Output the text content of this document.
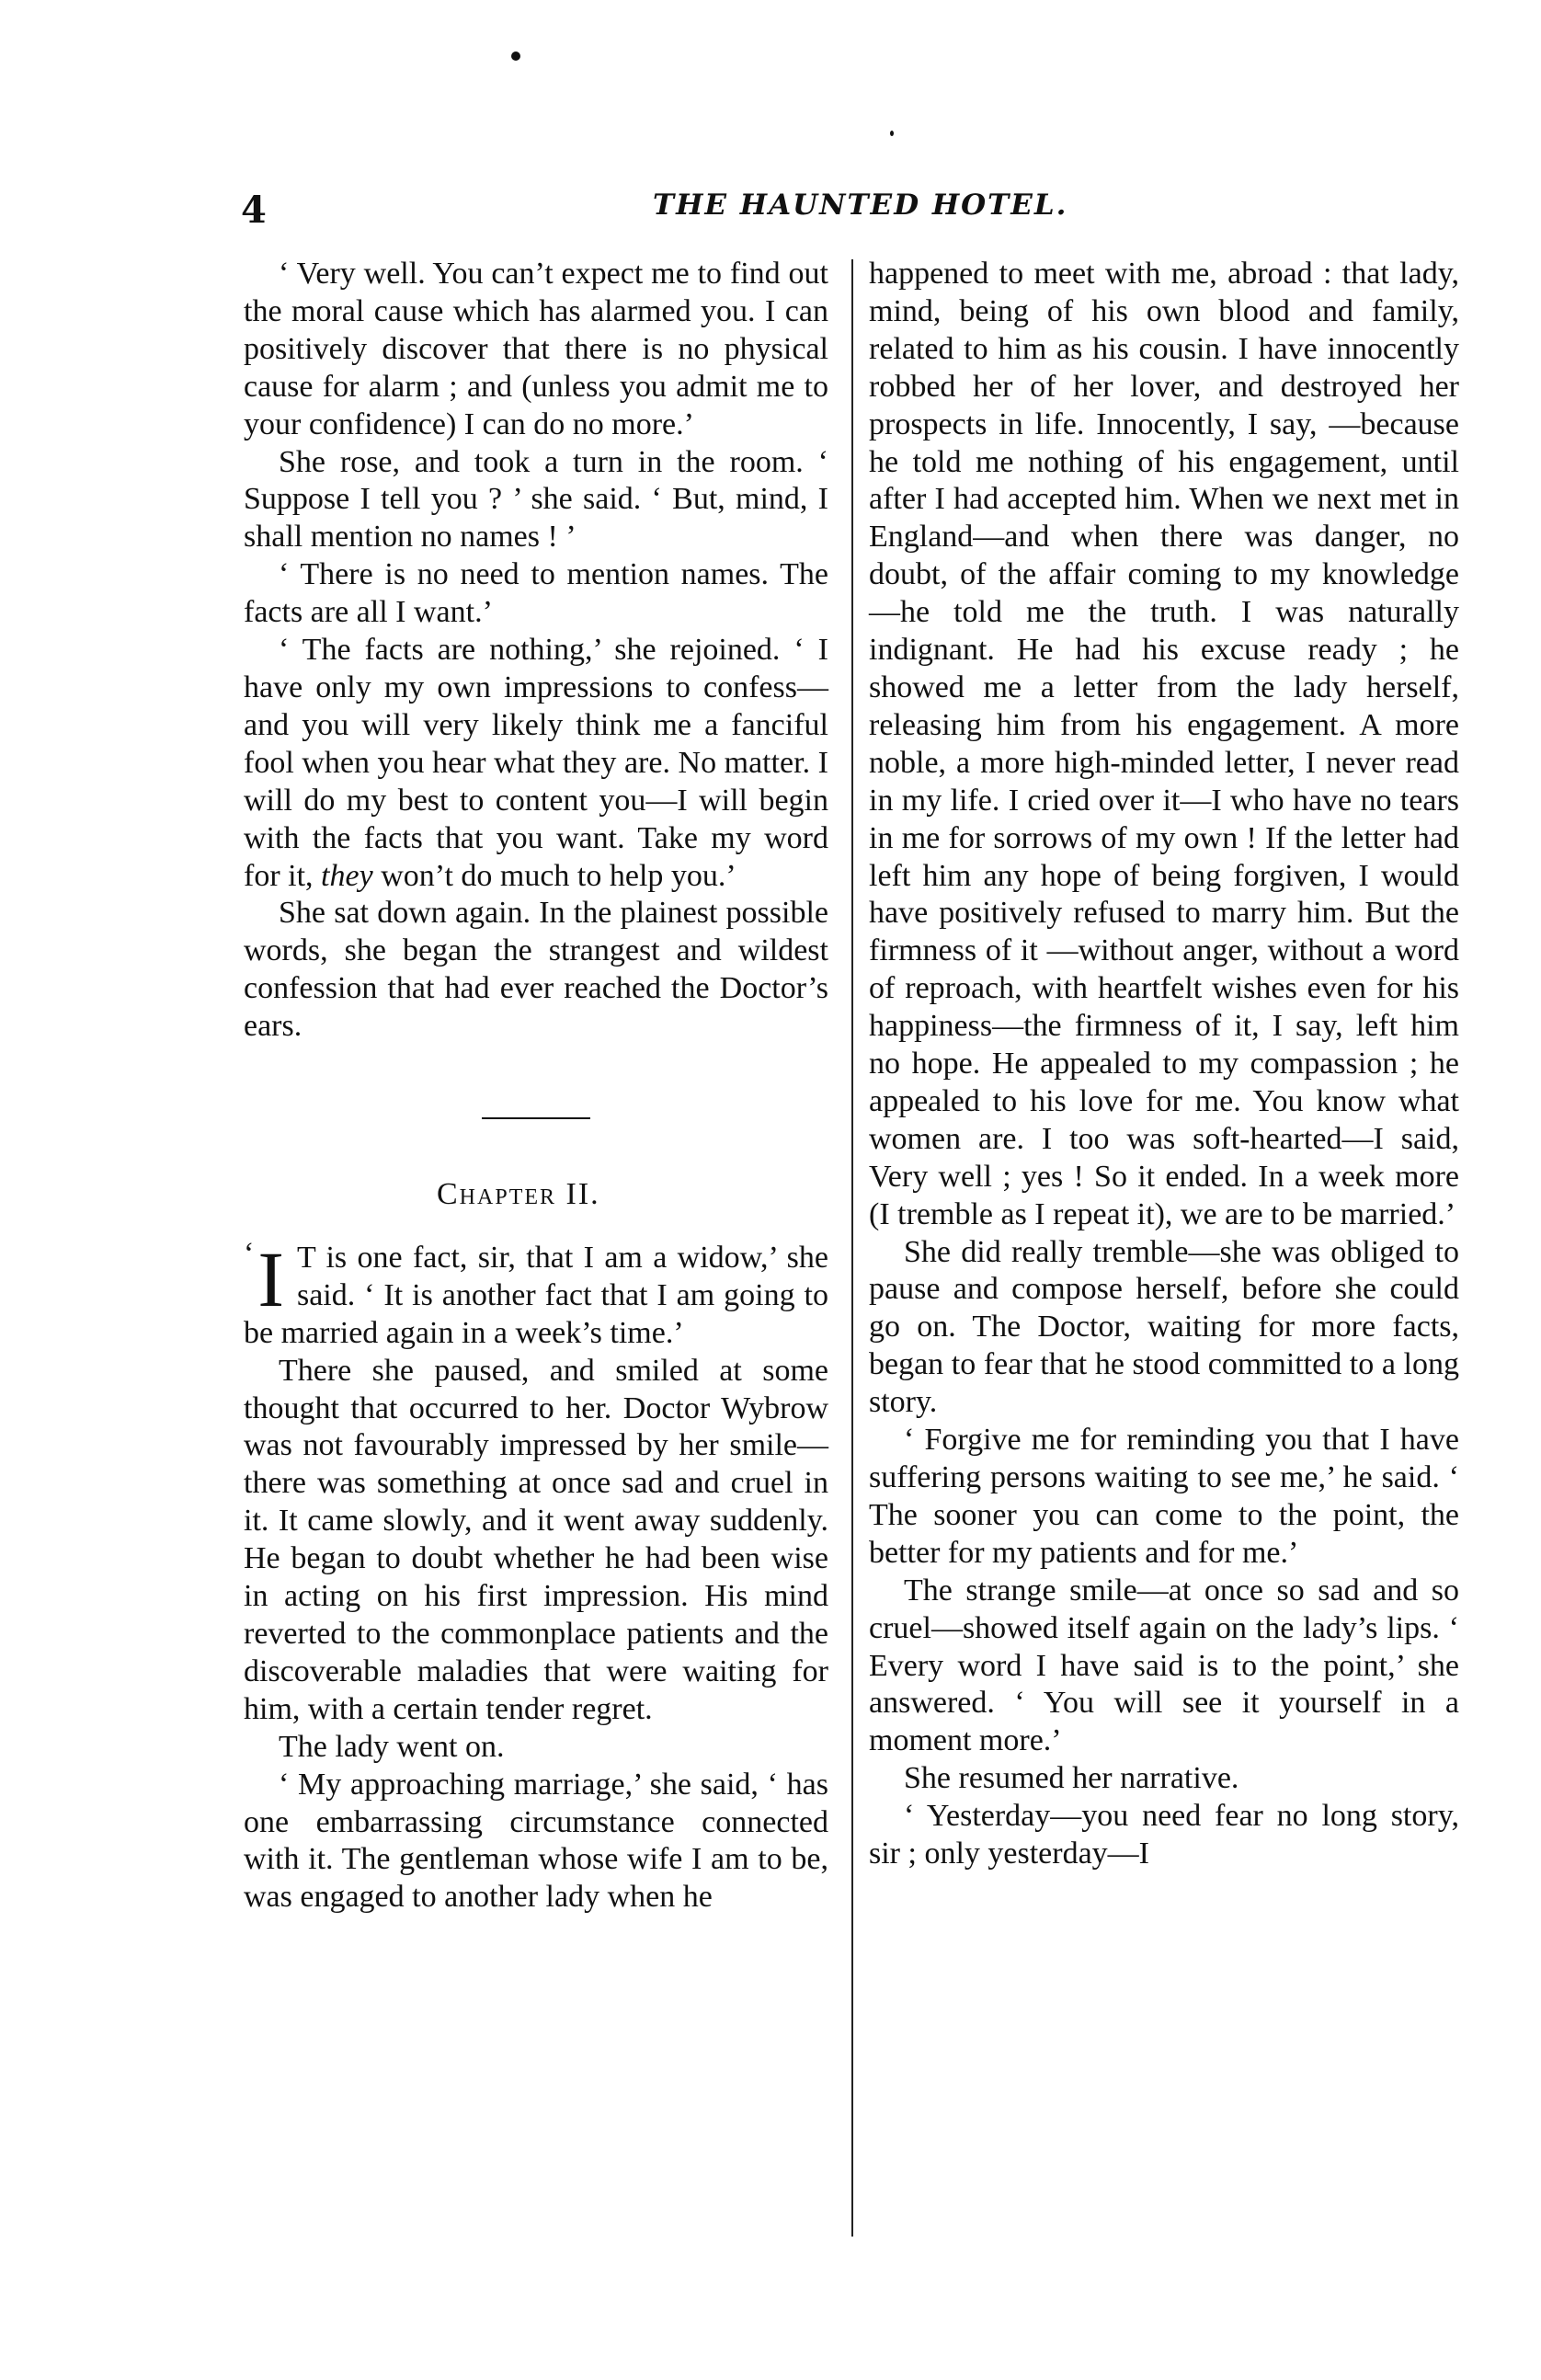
4	THE HAUNTED HOTEL.

‘ Very well. You can’t expect me to find out the moral cause which has alarmed you. I can positively discover that there is no physical cause for alarm ; and (unless you admit me to your confidence) I can do no more.’

She rose, and took a turn in the room. ‘ Suppose I tell you ? ’ she said. ‘ But, mind, I shall mention no names ! ’

‘ There is no need to mention names. The facts are all I want.’

‘ The facts are nothing,’ she rejoined. ‘ I have only my own impressions to confess—and you will very likely think me a fanciful fool when you hear what they are. No matter. I will do my best to content you—I will begin with the facts that you want. Take my word for it, they won’t do much to help you.’

She sat down again. In the plainest possible words, she began the strangest and wildest confession that had ever reached the Doctor’s ears.

Chapter II.

‘ I T is one fact, sir, that I am a widow,’ she said. ‘ It is another fact that I am going to be married again in a week’s time.’

There she paused, and smiled at some thought that occurred to her. Doctor Wybrow was not favourably impressed by her smile—there was something at once sad and cruel in it. It came slowly, and it went away suddenly. He began to doubt whether he had been wise in acting on his first impression. His mind reverted to the commonplace patients and the discoverable maladies that were waiting for him, with a certain tender regret.

The lady went on.

‘ My approaching marriage,’ she said, ‘ has one embarrassing circumstance connected with it. The gentleman whose wife I am to be, was engaged to another lady when he

happened to meet with me, abroad : that lady, mind, being of his own blood and family, related to him as his cousin. I have innocently robbed her of her lover, and destroyed her prospects in life. Innocently, I say, —because he told me nothing of his engagement, until after I had accepted him. When we next met in England—and when there was danger, no doubt, of the affair coming to my knowledge—he told me the truth. I was naturally indignant. He had his excuse ready ; he showed me a letter from the lady herself, releasing him from his engagement. A more noble, a more high-minded letter, I never read in my life. I cried over it—I who have no tears in me for sorrows of my own ! If the letter had left him any hope of being forgiven, I would have positively refused to marry him. But the firmness of it —without anger, without a word of reproach, with heartfelt wishes even for his happiness—the firmness of it, I say, left him no hope. He appealed to my compassion ; he appealed to his love for me. You know what women are. I too was soft-hearted—I said, Very well ; yes ! So it ended. In a week more (I tremble as I repeat it), we are to be married.’

She did really tremble—she was obliged to pause and compose herself, before she could go on. The Doctor, waiting for more facts, began to fear that he stood committed to a long story.

‘ Forgive me for reminding you that I have suffering persons waiting to see me,’ he said. ‘ The sooner you can come to the point, the better for my patients and for me.’

The strange smile—at once so sad and so cruel—showed itself again on the lady’s lips. ‘ Every word I have said is to the point,’ she answered. ‘ You will see it yourself in a moment more.’

She resumed her narrative.

‘ Yesterday—you need fear no long story, sir ; only yesterday—I
